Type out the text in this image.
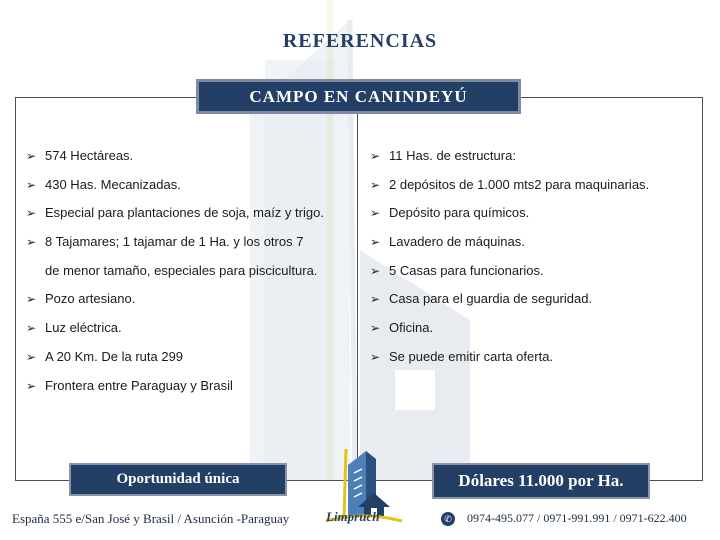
REFERENCIAS
CAMPO EN CANINDEYÚ
➢ 574 Hectáreas.
➢ 430 Has. Mecanizadas.
➢ Especial para plantaciones de soja, maíz y trigo.
➢ 8 Tajamares; 1 tajamar de 1 Ha. y los otros 7
de menor tamaño, especiales para piscicultura.
➢ Pozo artesiano.
➢ Luz eléctrica.
➢ A 20 Km. De la ruta 299
➢ Frontera entre Paraguay y Brasil
➢ 11 Has. de estructura:
➢ 2 depósitos de 1.000 mts2 para maquinarias.
➢ Depósito para químicos.
➢ Lavadero de máquinas.
➢ 5 Casas para funcionarios.
➢ Casa para el guardia de seguridad.
➢ Oficina.
➢ Se puede emitir carta oferta.
Oportunidad única	Dólares 11.000 por Ha.
Limpruch
España 555 e/San José y Brasil / Asunción -Paraguay	✆ 0974-495.077 / 0971-991.991 / 0971-622.400
